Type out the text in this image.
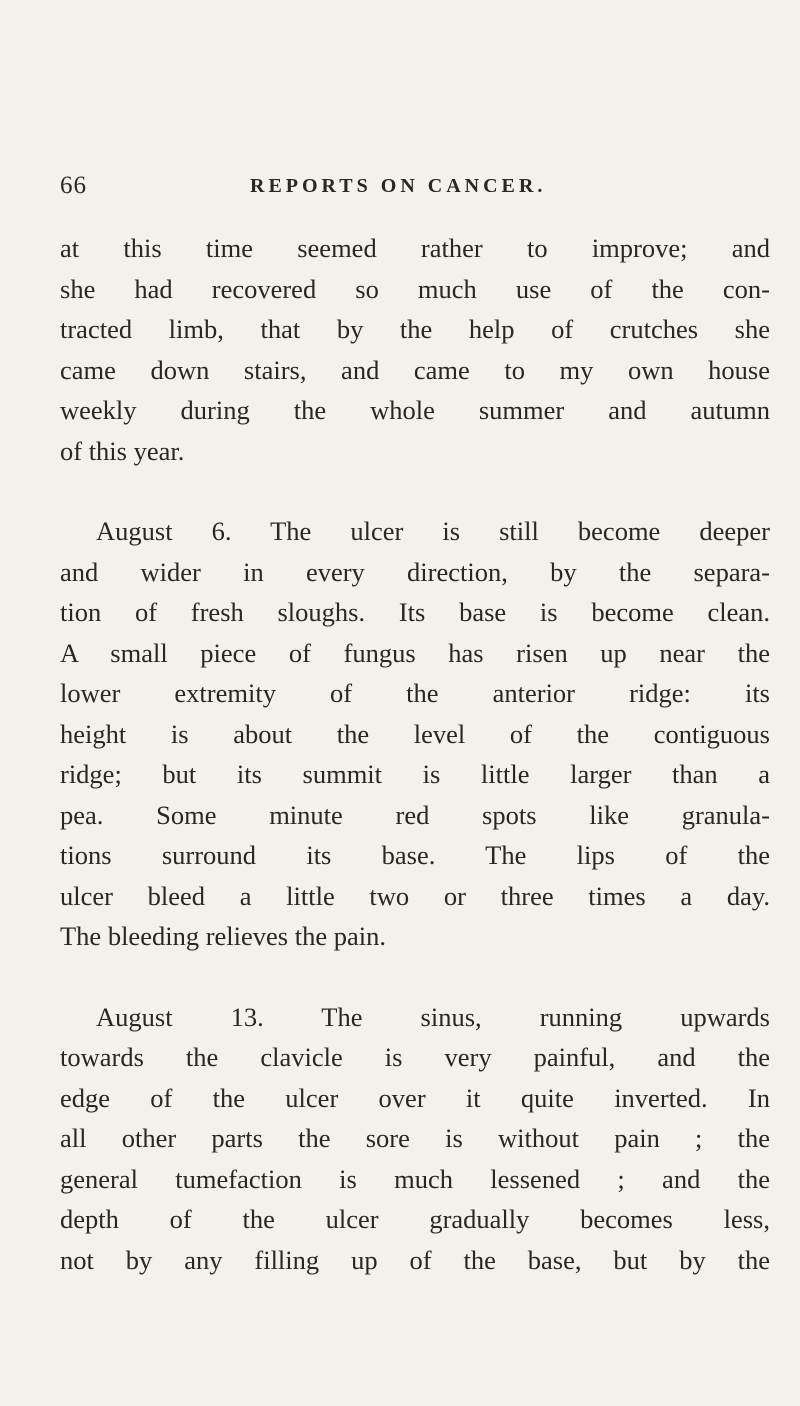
66	REPORTS ON CANCER.
at this time seemed rather to improve; and
she had recovered so much use of the con-
tracted limb, that by the help of crutches she
came down stairs, and came to my own house
weekly during the whole summer and autumn
of this year.
August 6. The ulcer is still become deeper
and wider in every direction, by the separa-
tion of fresh sloughs. Its base is become clean.
A small piece of fungus has risen up near the
lower extremity of the anterior ridge: its
height is about the level of the contiguous
ridge; but its summit is little larger than a
pea. Some minute red spots like granula-
tions surround its base. The lips of the
ulcer bleed a little two or three times a day.
The bleeding relieves the pain.
August 13. The sinus, running upwards
towards the clavicle is very painful, and the
edge of the ulcer over it quite inverted. In
all other parts the sore is without pain ; the
general tumefaction is much lessened ; and the
depth of the ulcer gradually becomes less,
not by any filling up of the base, but by the
